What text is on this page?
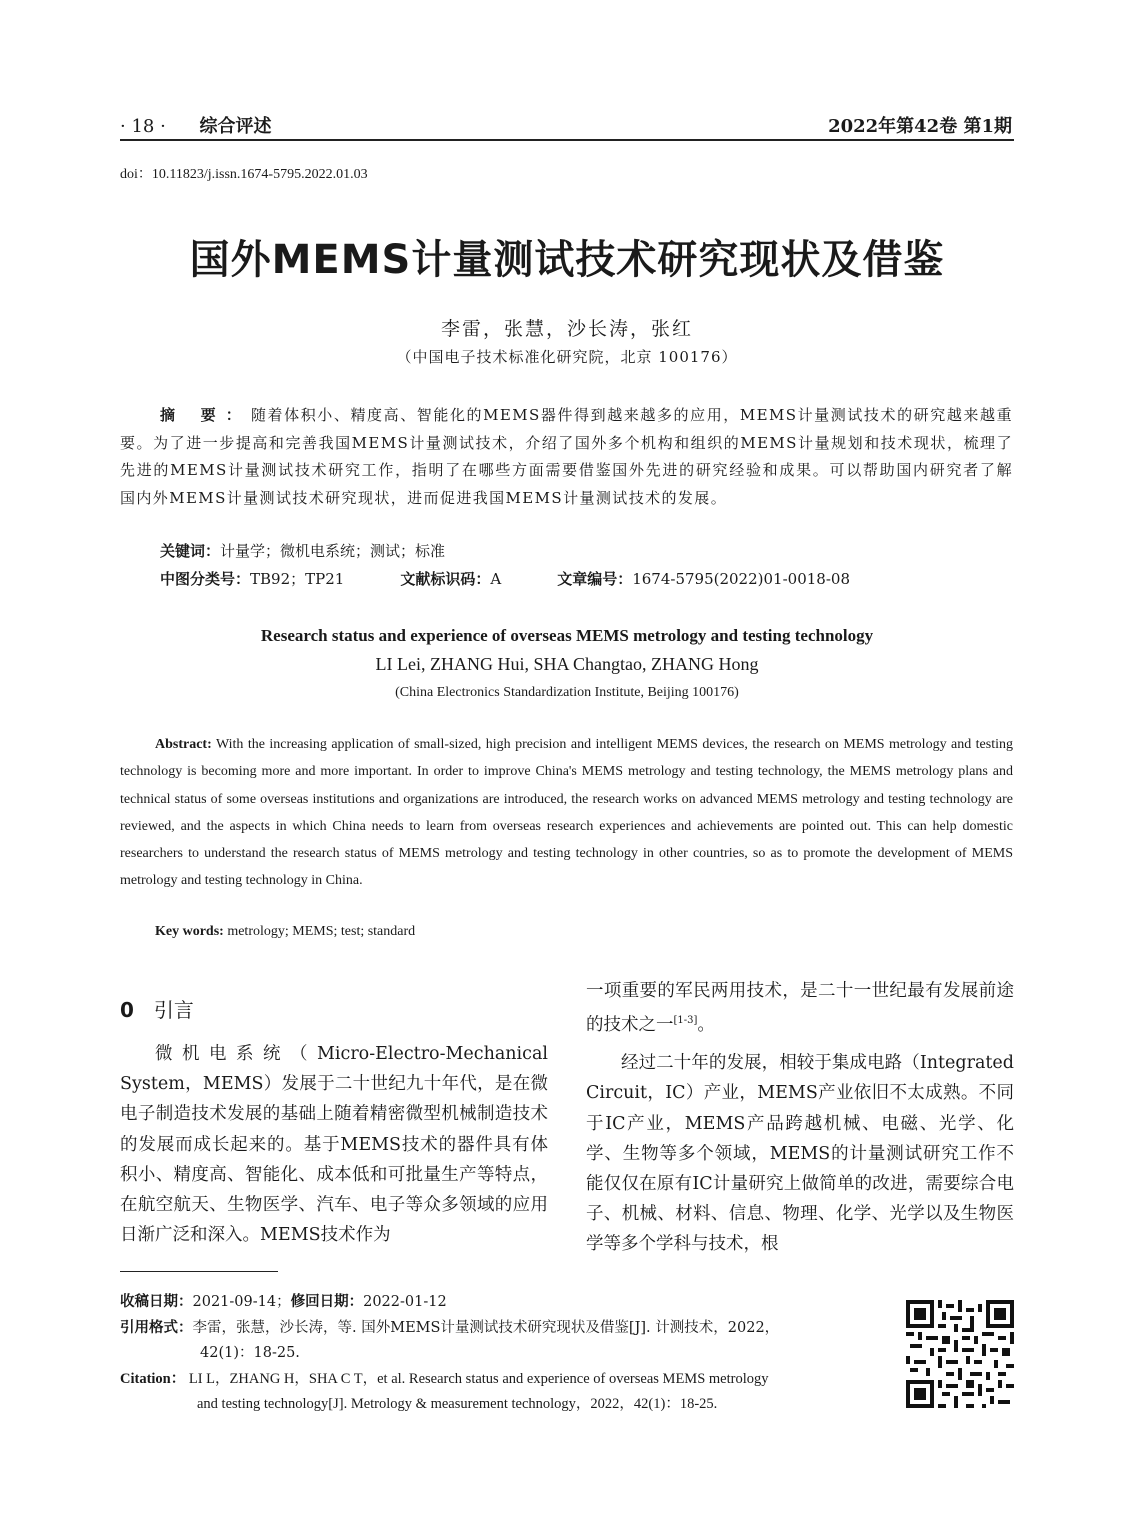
· 18 · 综合评述	2022年第42卷 第1期
doi：10.11823/j.issn.1674-5795.2022.01.03
国外MEMS计量测试技术研究现状及借鉴
李雷，张慧，沙长涛，张红
（中国电子技术标准化研究院，北京 100176）
摘 要：随着体积小、精度高、智能化的MEMS器件得到越来越多的应用，MEMS计量测试技术的研究越来越重要。为了进一步提高和完善我国MEMS计量测试技术，介绍了国外多个机构和组织的MEMS计量规划和技术现状，梳理了先进的MEMS计量测试技术研究工作，指明了在哪些方面需要借鉴国外先进的研究经验和成果。可以帮助国内研究者了解国内外MEMS计量测试技术研究现状，进而促进我国MEMS计量测试技术的发展。
关键词：计量学；微机电系统；测试；标准
中图分类号：TB92；TP21	文献标识码：A	文章编号：1674-5795(2022)01-0018-08
Research status and experience of overseas MEMS metrology and testing technology
LI Lei, ZHANG Hui, SHA Changtao, ZHANG Hong
(China Electronics Standardization Institute, Beijing 100176)
Abstract: With the increasing application of small-sized, high precision and intelligent MEMS devices, the research on MEMS metrology and testing technology is becoming more and more important. In order to improve China's MEMS metrology and testing technology, the MEMS metrology plans and technical status of some overseas institutions and organizations are introduced, the research works on advanced MEMS metrology and testing technology are reviewed, and the aspects in which China needs to learn from overseas research experiences and achievements are pointed out. This can help domestic researchers to understand the research status of MEMS metrology and testing technology in other countries, so as to promote the development of MEMS metrology and testing technology in China.
Key words: metrology; MEMS; test; standard
0 引言

微机电系统（Micro-Electro-Mechanical System，MEMS）发展于二十世纪九十年代，是在微电子制造技术发展的基础上随着精密微型机械制造技术的发展而成长起来的。基于MEMS技术的器件具有体积小、精度高、智能化、成本低和可批量生产等特点，在航空航天、生物医学、汽车、电子等众多领域的应用日渐广泛和深入。MEMS技术作为

一项重要的军民两用技术，是二十一世纪最有发展前途的技术之一[1-3]。

经过二十年的发展，相较于集成电路（Integrated Circuit，IC）产业，MEMS产业依旧不太成熟。不同于IC产业，MEMS产品跨越机械、电磁、光学、化学、生物等多个领域，MEMS的计量测试研究工作不能仅仅在原有IC计量研究上做简单的改进，需要综合电子、机械、材料、信息、物理、化学、光学以及生物医学等多个学科与技术，根

收稿日期：2021-09-14；修回日期：2022-01-12
引用格式：李雷，张慧，沙长涛，等. 国外MEMS计量测试技术研究现状及借鉴[J]. 计测技术，2022，
42(1)：18-25.
Citation： LI L，ZHANG H，SHA C T，et al. Research status and experience of overseas MEMS metrology
and testing technology[J]. Metrology & measurement technology，2022，42(1)：18-25.
